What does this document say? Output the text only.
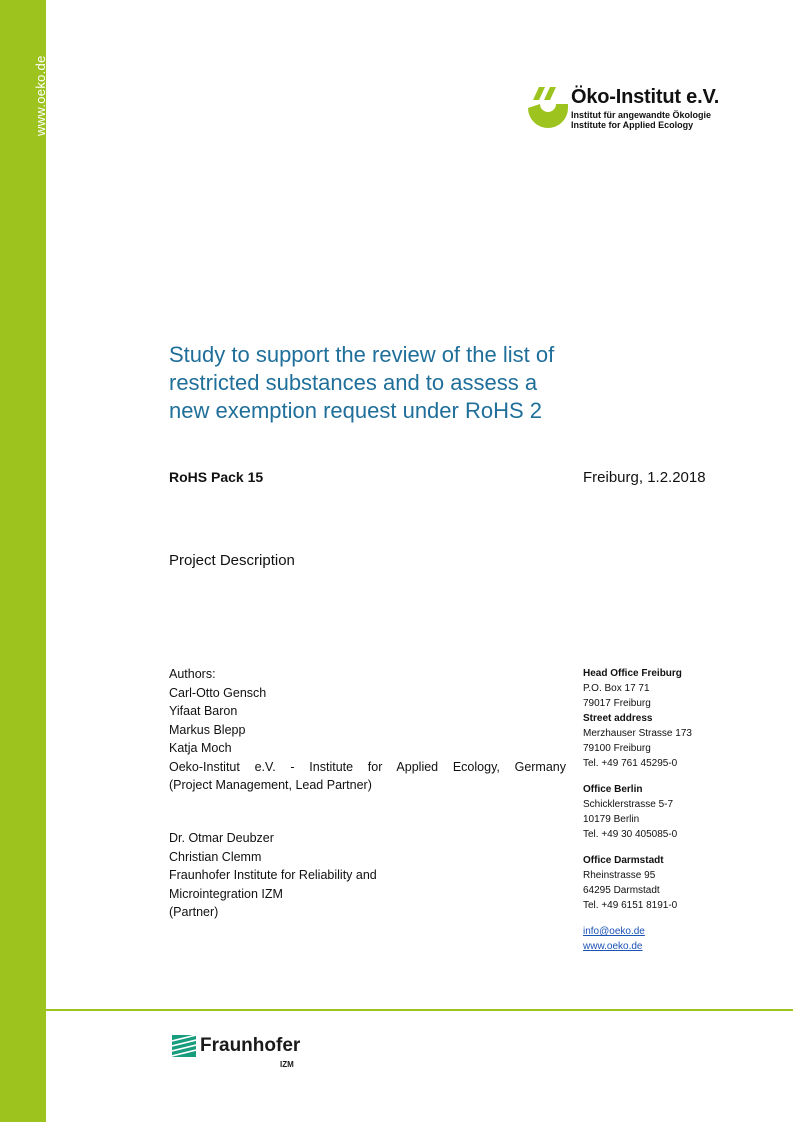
www.oeko.de	Öko-Institut e.V.
Institut für angewandte Ökologie
Institute for Applied Ecology
Study to support the review of the list of restricted substances and to assess a new exemption request under RoHS 2
RoHS Pack 15	Freiburg, 1.2.2018
Project Description
Authors:
Carl-Otto Gensch
Yifaat Baron
Markus Blepp
Katja Moch
Oeko-Institut e.V. - Institute for Applied Ecology, Germany
(Project Management, Lead Partner)
Dr. Otmar Deubzer
Christian Clemm
Fraunhofer Institute for Reliability and
Microintegration IZM
(Partner)
Head Office Freiburg
P.O. Box 17 71
79017 Freiburg
Street address
Merzhauser Strasse 173
79100 Freiburg
Tel. +49 761 45295-0
Office Berlin
Schicklerstrasse 5-7
10179 Berlin
Tel. +49 30 405085-0
Office Darmstadt
Rheinstrasse 95
64295 Darmstadt
Tel. +49 6151 8191-0
info@oeko.de
www.oeko.de
Fraunhofer
IZM
